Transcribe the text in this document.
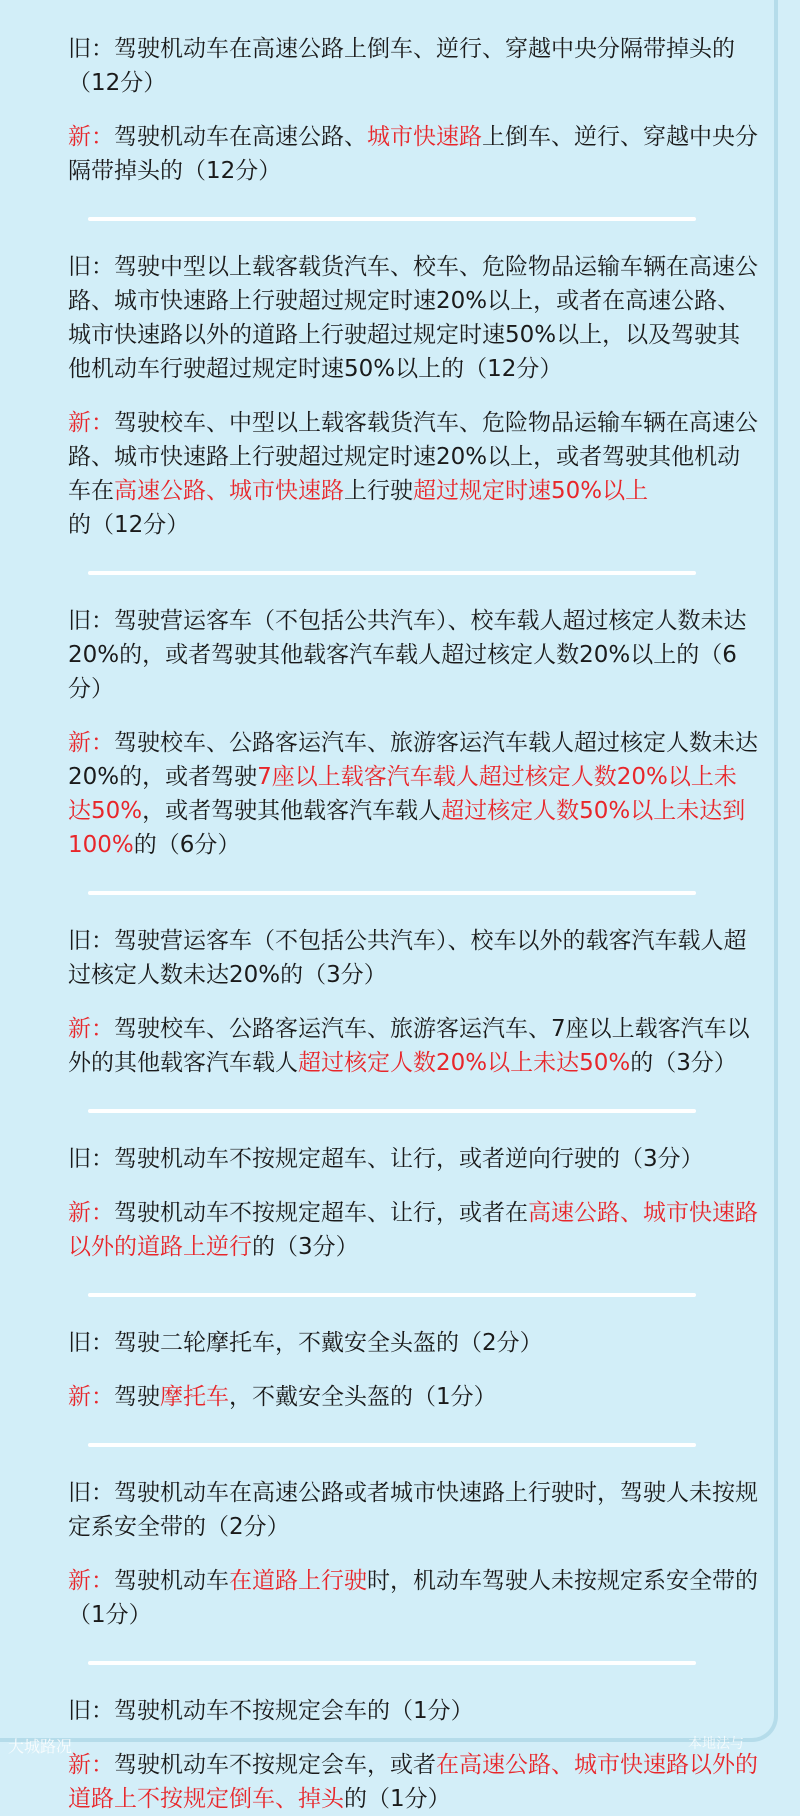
旧：驾驶机动车在高速公路上倒车、逆行、穿越中央分隔带掉头的（12分）

新：驾驶机动车在高速公路、城市快速路上倒车、逆行、穿越中央分隔带掉头的（12分）

旧：驾驶中型以上载客载货汽车、校车、危险物品运输车辆在高速公路、城市快速路上行驶超过规定时速20%以上，或者在高速公路、城市快速路以外的道路上行驶超过规定时速50%以上，以及驾驶其他机动车行驶超过规定时速50%以上的（12分）

新：驾驶校车、中型以上载客载货汽车、危险物品运输车辆在高速公路、城市快速路上行驶超过规定时速20%以上，或者驾驶其他机动车在高速公路、城市快速路上行驶超过规定时速50%以上的（12分）

旧：驾驶营运客车（不包括公共汽车）、校车载人超过核定人数未达20%的，或者驾驶其他载客汽车载人超过核定人数20%以上的（6分）

新：驾驶校车、公路客运汽车、旅游客运汽车载人超过核定人数未达20%的，或者驾驶7座以上载客汽车载人超过核定人数20%以上未达50%，或者驾驶其他载客汽车载人超过核定人数50%以上未达到100%的（6分）

旧：驾驶营运客车（不包括公共汽车）、校车以外的载客汽车载人超过核定人数未达20%的（3分）

新：驾驶校车、公路客运汽车、旅游客运汽车、7座以上载客汽车以外的其他载客汽车载人超过核定人数20%以上未达50%的（3分）

旧：驾驶机动车不按规定超车、让行，或者逆向行驶的（3分）

新：驾驶机动车不按规定超车、让行，或者在高速公路、城市快速路以外的道路上逆行的（3分）

旧：驾驶二轮摩托车，不戴安全头盔的（2分）

新：驾驶摩托车，不戴安全头盔的（1分）

旧：驾驶机动车在高速公路或者城市快速路上行驶时，驾驶人未按规定系安全带的（2分）

新：驾驶机动车在道路上行驶时，机动车驾驶人未按规定系安全带的（1分）

旧：驾驶机动车不按规定会车的（1分）

新：驾驶机动车不按规定会车，或者在高速公路、城市快速路以外的道路上不按规定倒车、掉头的（1分）

大城路况	本地法与
